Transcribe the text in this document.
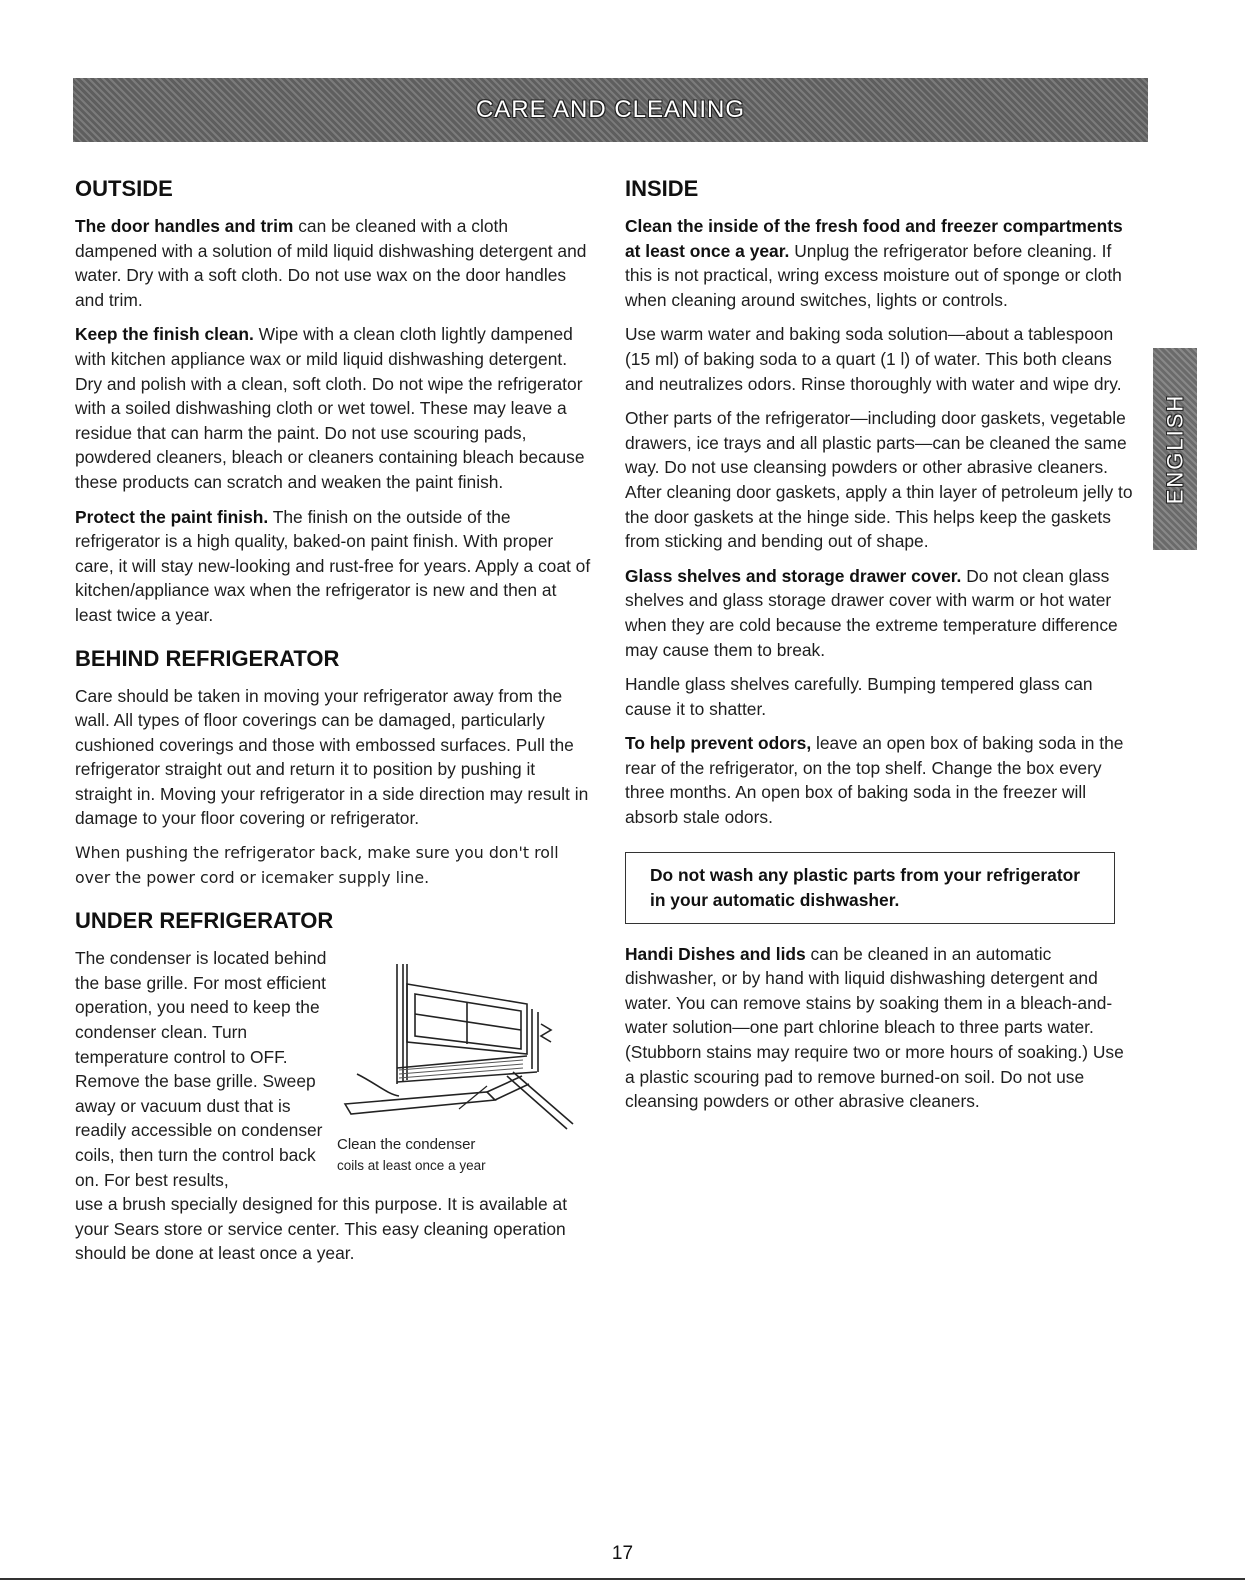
CARE AND CLEANING
ENGLISH
OUTSIDE

The door handles and trim can be cleaned with a cloth dampened with a solution of mild liquid dishwashing detergent and water. Dry with a soft cloth. Do not use wax on the door handles and trim.

Keep the finish clean. Wipe with a clean cloth lightly dampened with kitchen appliance wax or mild liquid dishwashing detergent. Dry and polish with a clean, soft cloth. Do not wipe the refrigerator with a soiled dishwashing cloth or wet towel. These may leave a residue that can harm the paint. Do not use scouring pads, powdered cleaners, bleach or cleaners containing bleach because these products can scratch and weaken the paint finish.

Protect the paint finish. The finish on the outside of the refrigerator is a high quality, baked-on paint finish. With proper care, it will stay new-looking and rust-free for years. Apply a coat of kitchen/appliance wax when the refrigerator is new and then at least twice a year.

BEHIND REFRIGERATOR

Care should be taken in moving your refrigerator away from the wall. All types of floor coverings can be damaged, particularly cushioned coverings and those with embossed surfaces. Pull the refrigerator straight out and return it to position by pushing it straight in. Moving your refrigerator in a side direction may result in damage to your floor covering or refrigerator.

When pushing the refrigerator back, make sure you don't roll over the power cord or icemaker supply line.

UNDER REFRIGERATOR

The condenser is located behind the base grille. For most efficient operation, you need to keep the condenser clean. Turn temperature control to OFF. Remove the base grille. Sweep away or vacuum dust that is readily accessible on condenser coils, then turn the control back on. For best results,

Clean the condenser
coils at least once a year

use a brush specially designed for this purpose. It is available at your Sears store or service center. This easy cleaning operation should be done at least once a year.

INSIDE

Clean the inside of the fresh food and freezer compartments at least once a year. Unplug the refrigerator before cleaning. If this is not practical, wring excess moisture out of sponge or cloth when cleaning around switches, lights or controls.

Use warm water and baking soda solution—about a tablespoon (15 ml) of baking soda to a quart (1 l) of water. This both cleans and neutralizes odors. Rinse thoroughly with water and wipe dry.

Other parts of the refrigerator—including door gaskets, vegetable drawers, ice trays and all plastic parts—can be cleaned the same way. Do not use cleansing powders or other abrasive cleaners. After cleaning door gaskets, apply a thin layer of petroleum jelly to the door gaskets at the hinge side. This helps keep the gaskets from sticking and bending out of shape.

Glass shelves and storage drawer cover. Do not clean glass shelves and glass storage drawer cover with warm or hot water when they are cold because the extreme temperature difference may cause them to break.

Handle glass shelves carefully. Bumping tempered glass can cause it to shatter.

To help prevent odors, leave an open box of baking soda in the rear of the refrigerator, on the top shelf. Change the box every three months. An open box of baking soda in the freezer will absorb stale odors.

Do not wash any plastic parts from your refrigerator in your automatic dishwasher.

Handi Dishes and lids can be cleaned in an automatic dishwasher, or by hand with liquid dishwashing detergent and water. You can remove stains by soaking them in a bleach-and-water solution—one part chlorine bleach to three parts water. (Stubborn stains may require two or more hours of soaking.) Use a plastic scouring pad to remove burned-on soil. Do not use cleansing powders or other abrasive cleaners.

17
